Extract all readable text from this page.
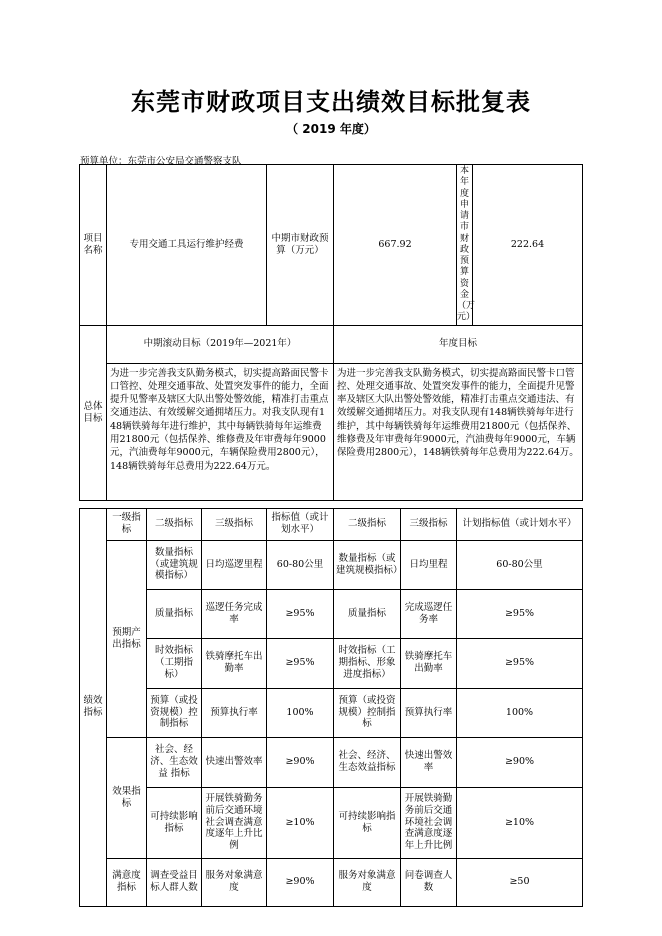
东莞市财政项目支出绩效目标批复表
（ 2019 年度）
预算单位：东莞市公安局交通警察支队
项目名称	专用交通工具运行维护经费			中期市财政预算（万元）	667.92		本年度申请市财政预算资金（万元）	222.64
总体目标	中期滚动目标（2019年—2021年）				年度目标			
	为进一步完善我支队勤务模式，切实提高路面民警卡口管控、处理交通事故、处置突发事件的能力，全面提升见警率及辖区大队出警处警效能，精准打击重点交通违法、有效缓解交通拥堵压力。对我支队现有148辆铁骑每年进行维护，其中每辆铁骑每年运维费用21800元（包括保养、维修费及年审费每年9000元，汽油费每年9000元，车辆保险费用2800元），148辆铁骑每年总费用为222.64万元。				为进一步完善我支队勤务模式，切实提高路面民警卡口管控、处理交通事故、处置突发事件的能力，全面提升见警率及辖区大队出警处警效能，精准打击重点交通违法、有效缓解交通拥堵压力。对我支队现有148辆铁骑每年进行维护，其中每辆铁骑每年运维费用21800元（包括保养、维修费及年审费每年9000元，汽油费每年9000元，车辆保险费用2800元），148辆铁骑每年总费用为222.64万。			

绩效指标	一级指标	二级指标	三级指标	指标值（或计划水平）	二级指标	三级指标	计划指标值（或计划水平）	
	预期产出指标	数量指标（或建筑规模指标）	日均巡逻里程	60-80公里	数量指标（或建筑规模指标）	日均里程	60-80公里	
		质量指标	巡逻任务完成率	≥95%	质量指标	完成巡逻任务率	≥95%	
		时效指标（工期指标）	铁骑摩托车出勤率	≥95%	时效指标（工期指标、形象进度指标）	铁骑摩托车出勤率	≥95%	
		预算（或投资规模）控制指标	预算执行率	100%	预算（或投资规模）控制指标	预算执行率	100%	
	效果指标	社会、经济、生态效益 指标	快速出警效率	≥90%	社会、经济、生态效益指标	快速出警效率	≥90%	
		可持续影响指标	开展铁骑勤务前后交通环境社会调查满意度逐年上升比例	≥10%	可持续影响指标	开展铁骑勤务前后交通环境社会调查满意度逐年上升比例	≥10%	
	满意度指标	调查受益目标人群人数	服务对象满意度	≥90%	服务对象满意度	问卷调查人数	≥50	
